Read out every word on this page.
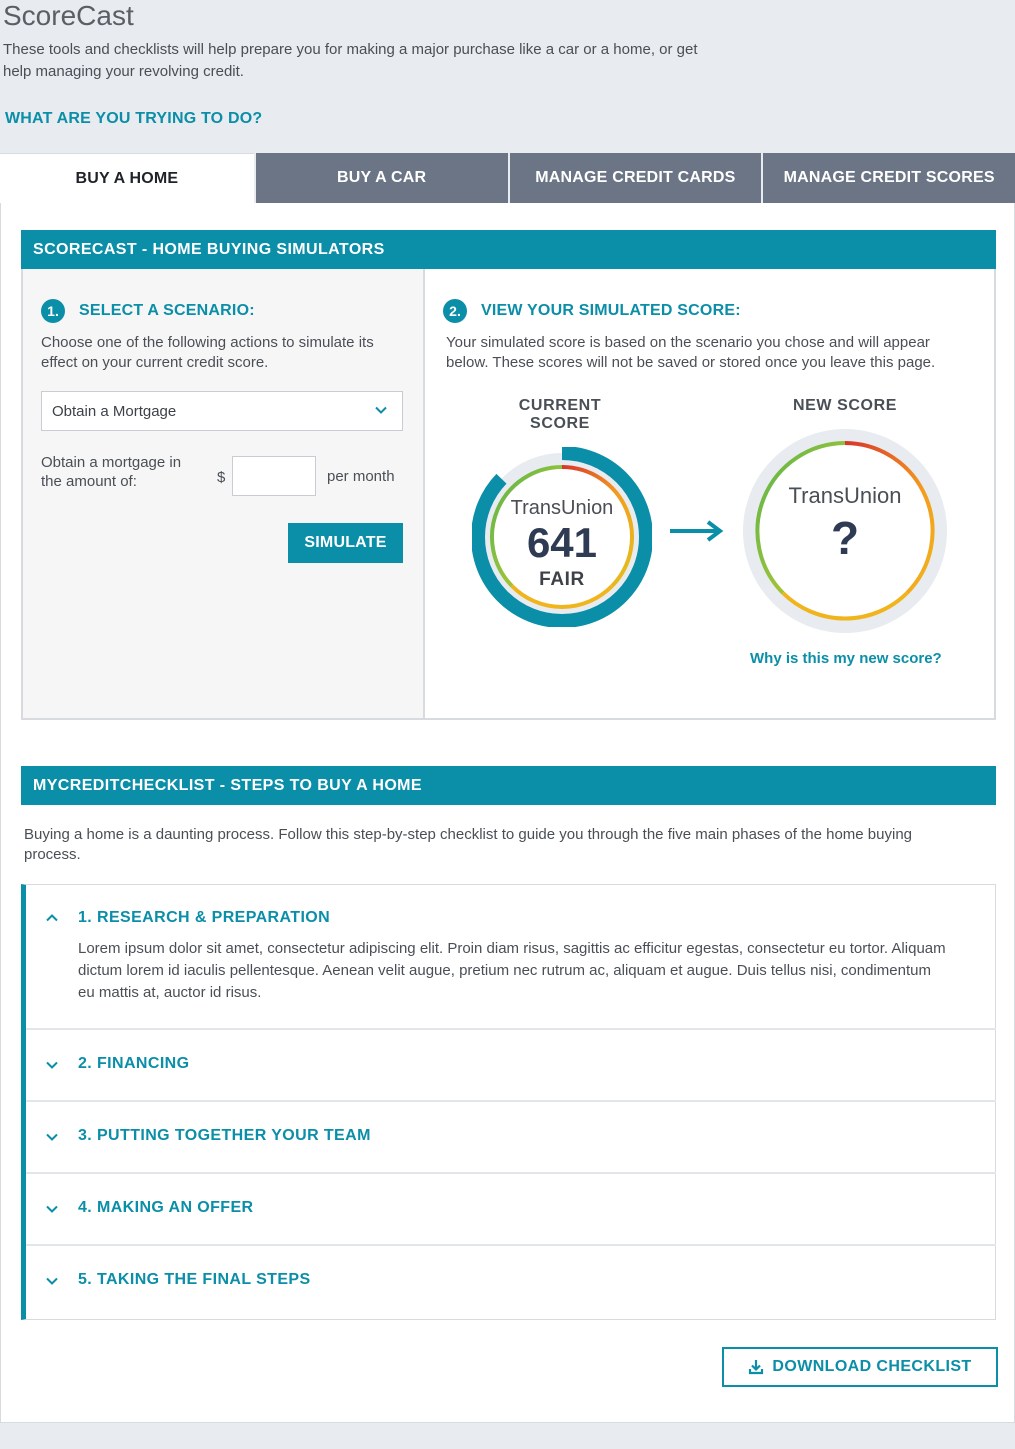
ScoreCast

These tools and checklists will help prepare you for making a major purchase like a car or a home, or get help managing your revolving credit.

WHAT ARE YOU TRYING TO DO?
BUY A HOME	BUY A CAR	MANAGE CREDIT CARDS	MANAGE CREDIT SCORES
SCORECAST - HOME BUYING SIMULATORS
1.	SELECT A SCENARIO:
Choose one of the following actions to simulate its effect on your current credit score.
Obtain a Mortgage
Obtain a mortgage in the amount of:	$	per month
SIMULATE
2.	VIEW YOUR SIMULATED SCORE:
Your simulated score is based on the scenario you chose and will appear below. These scores will not be saved or stored once you leave this page.
CURRENT SCORE
NEW SCORE
TransUnion
641
FAIR
TransUnion
?
Why is this my new score?
MYCREDITCHECKLIST - STEPS TO BUY A HOME

Buying a home is a daunting process. Follow this step-by-step checklist to guide you through the five main phases of the home buying process.

1. RESEARCH & PREPARATION
Lorem ipsum dolor sit amet, consectetur adipiscing elit. Proin diam risus, sagittis ac efficitur egestas, consectetur eu tortor. Aliquam dictum lorem id iaculis pellentesque. Aenean velit augue, pretium nec rutrum ac, aliquam et augue. Duis tellus nisi, condimentum eu mattis at, auctor id risus.
2. FINANCING
3. PUTTING TOGETHER YOUR TEAM
4. MAKING AN OFFER
5. TAKING THE FINAL STEPS
DOWNLOAD CHECKLIST
